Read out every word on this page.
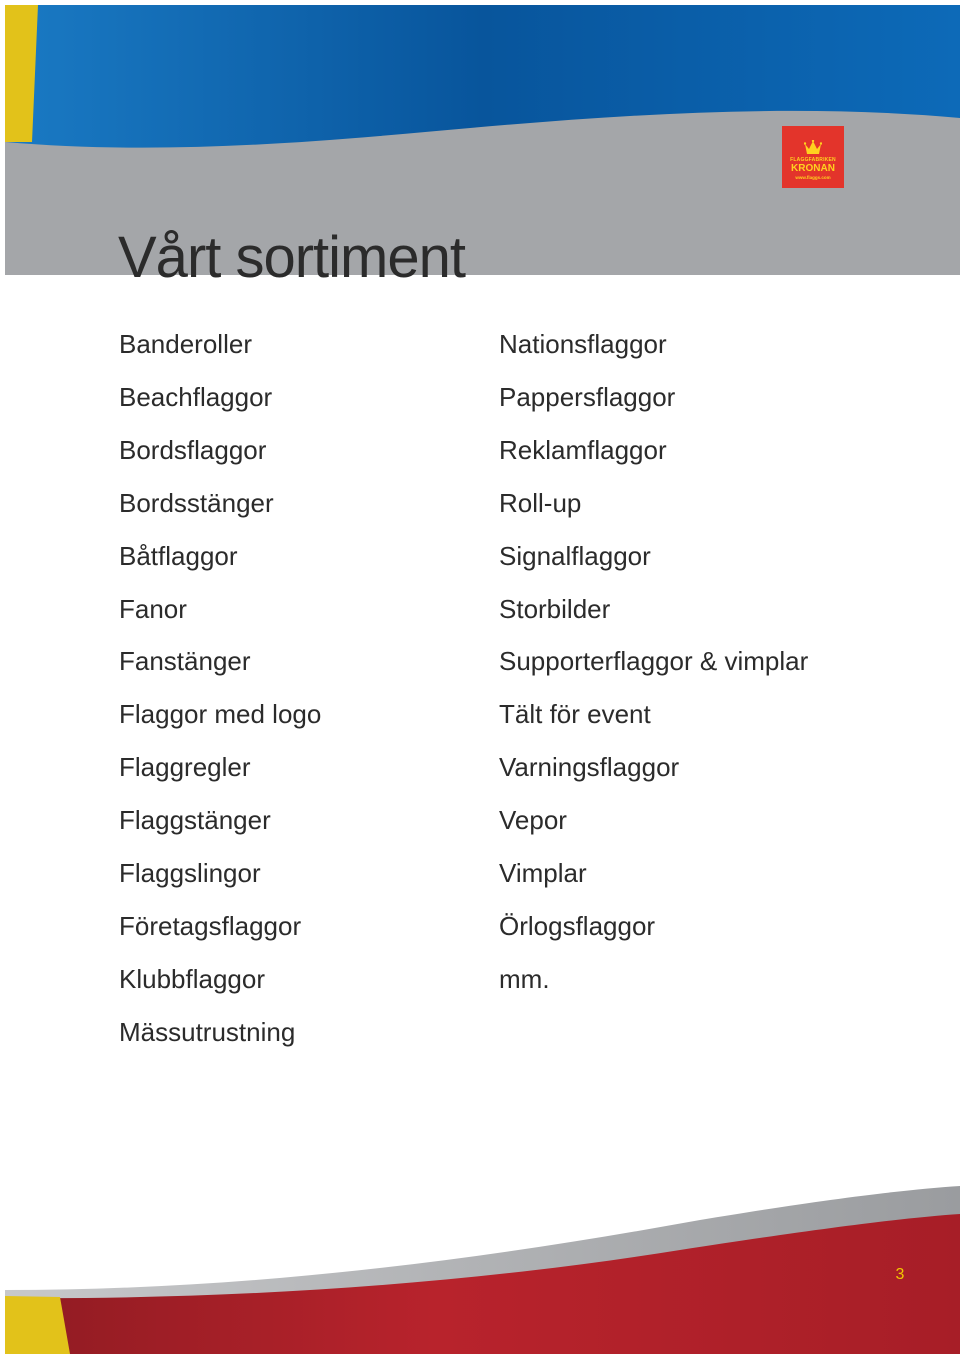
FLAGGFABRIKEN
KRONAN
www.flaggs.com
Vårt sortiment
Banderoller
Beachflaggor
Bordsflaggor
Bordsstänger
Båtflaggor
Fanor
Fanstänger
Flaggor med logo
Flaggregler
Flaggstänger
Flaggslingor
Företagsflaggor
Klubbflaggor
Mässutrustning
Nationsflaggor
Pappersflaggor
Reklamflaggor
Roll-up
Signalflaggor
Storbilder
Supporterflaggor & vimplar
Tält för event
Varningsflaggor
Vepor
Vimplar
Örlogsflaggor
mm.
3
